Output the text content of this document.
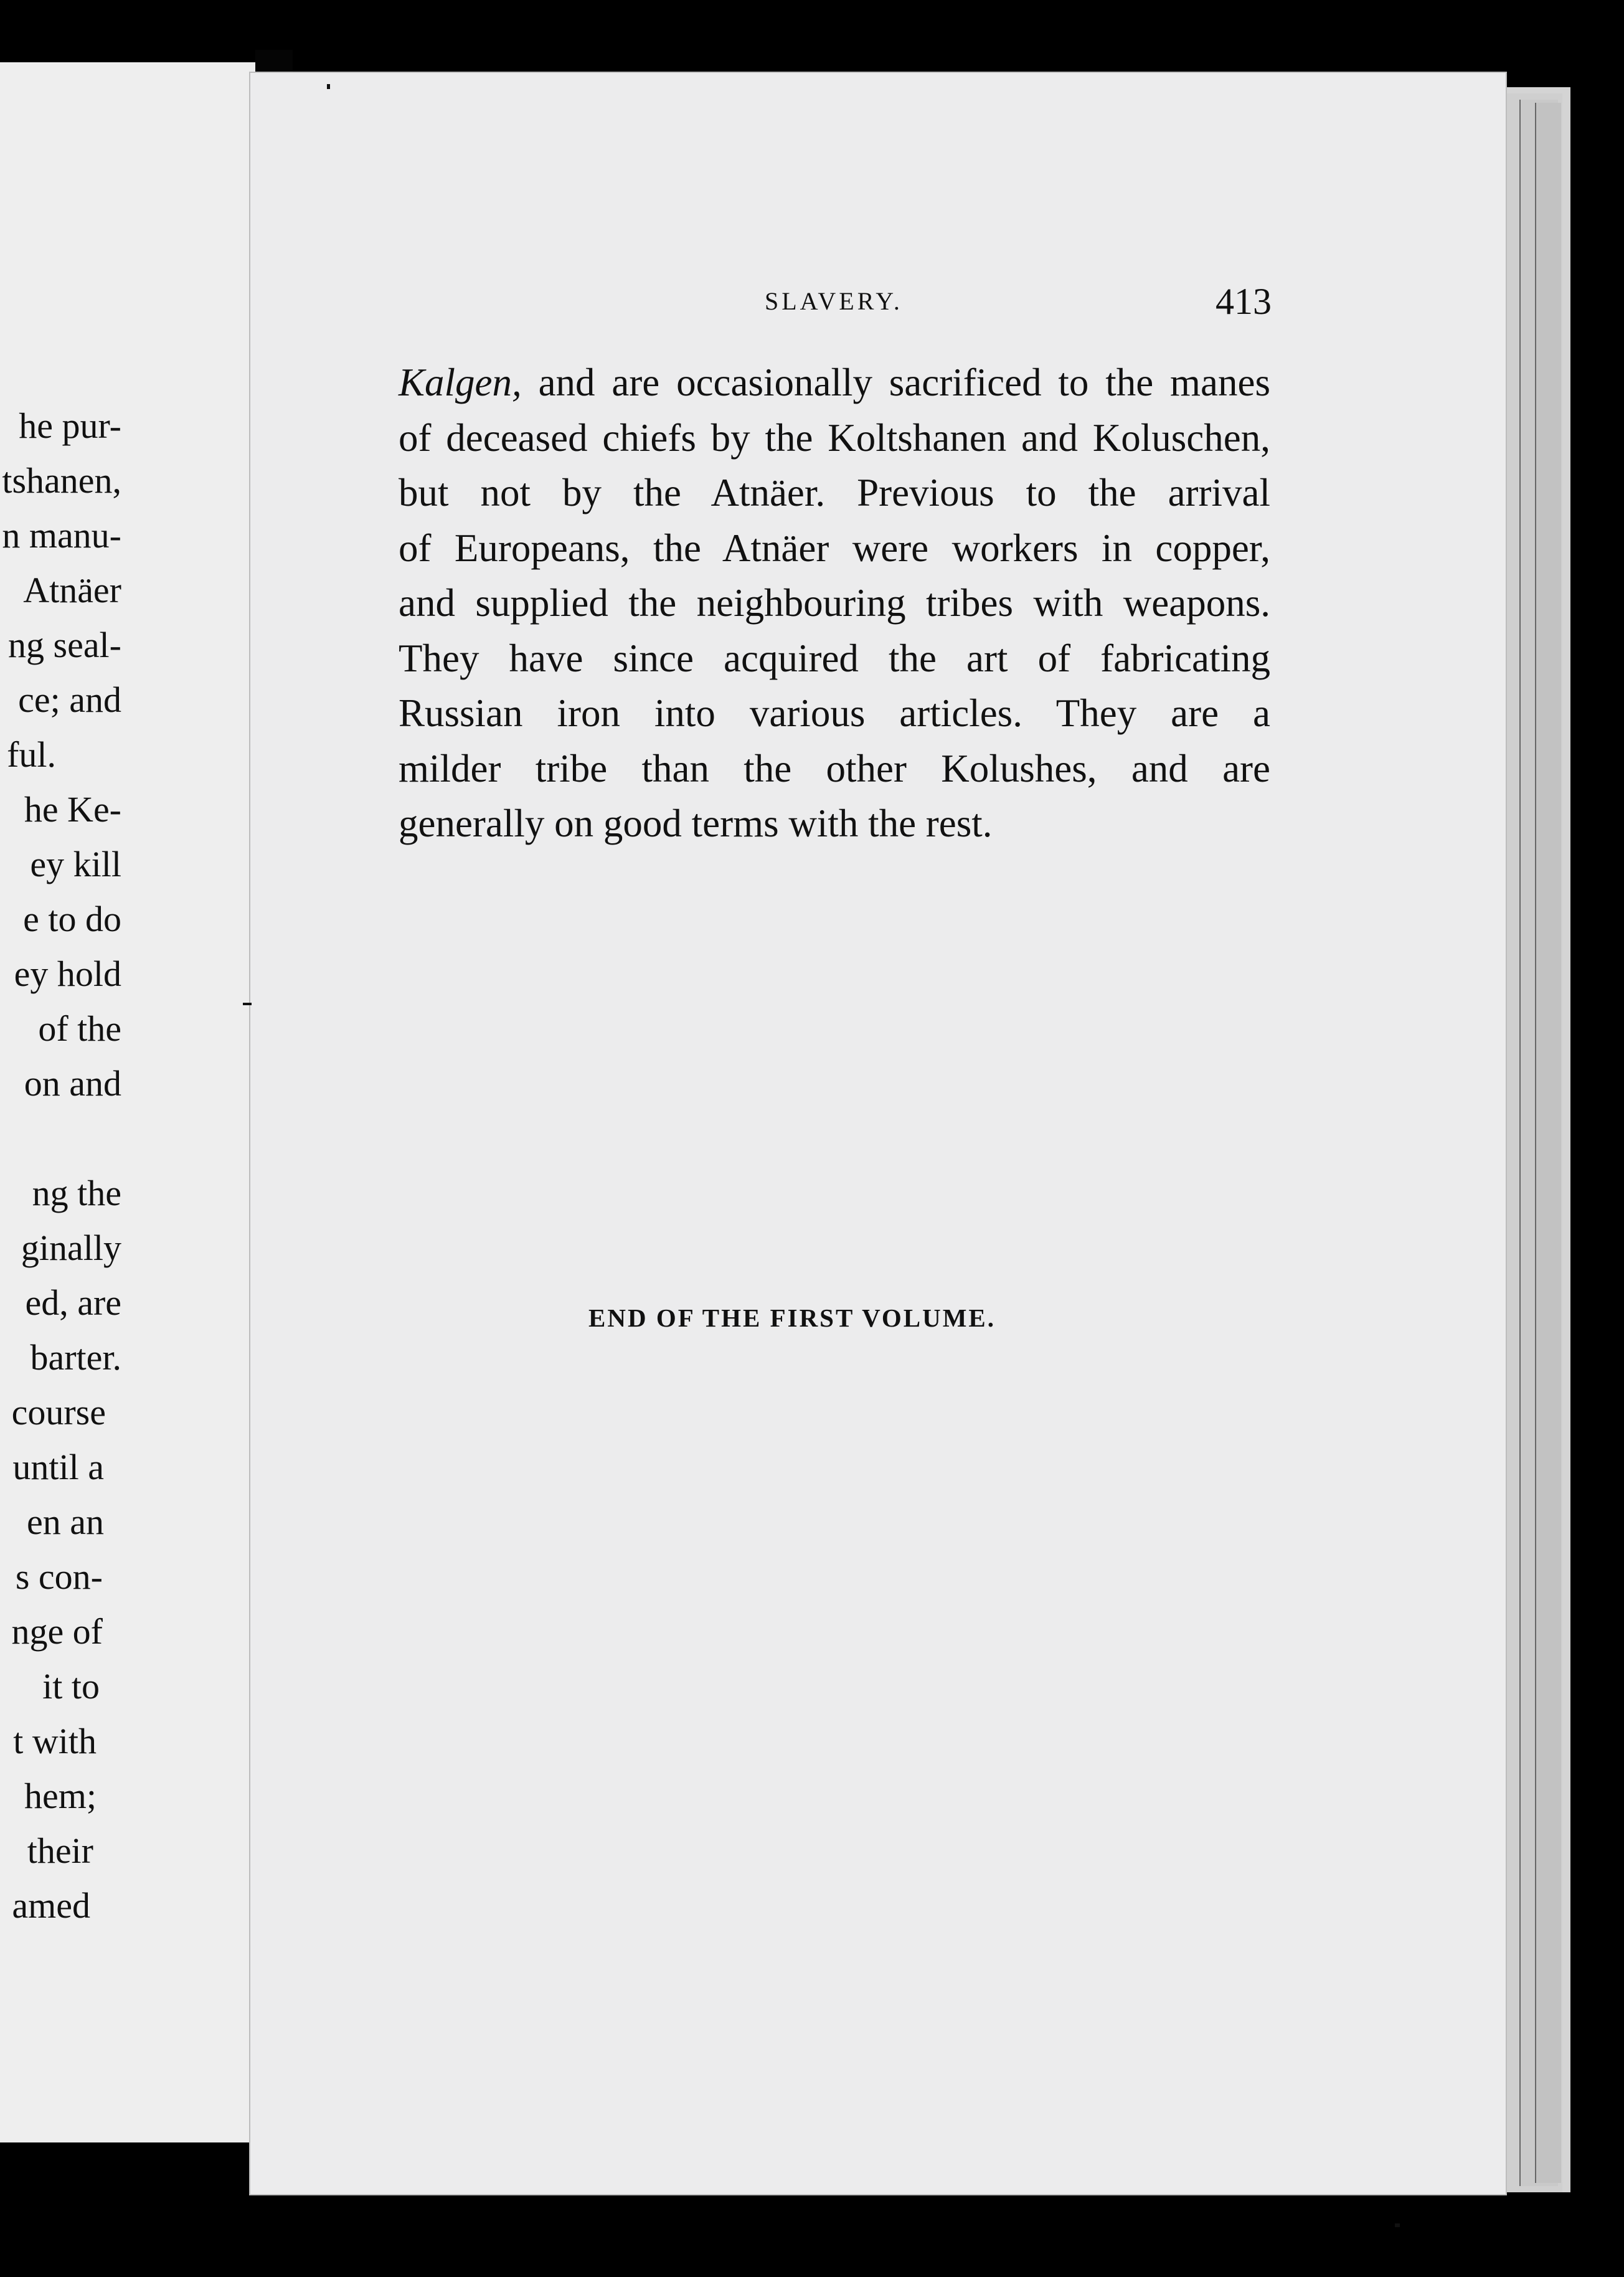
he pur-
tshanen,
n manu-
Atnäer
ng seal-
ce; and
ful.
he Ke-
ey kill
e to do
ey hold
of the
on and
ng the
ginally
ed, are
barter.
course
until a
en an
s con-
nge of
it to
t with
hem;
their
amed
SLAVERY.	413
Kalgen, and are occasionally sacrificed to the manes
of deceased chiefs by the Koltshanen and Koluschen,
but not by the Atnäer. Previous to the arrival
of Europeans, the Atnäer were workers in copper,
and supplied the neighbouring tribes with weapons.
They have since acquired the art of fabricating
Russian iron into various articles. They are a
milder tribe than the other Kolushes, and are
generally on good terms with the rest.
END OF THE FIRST VOLUME.
